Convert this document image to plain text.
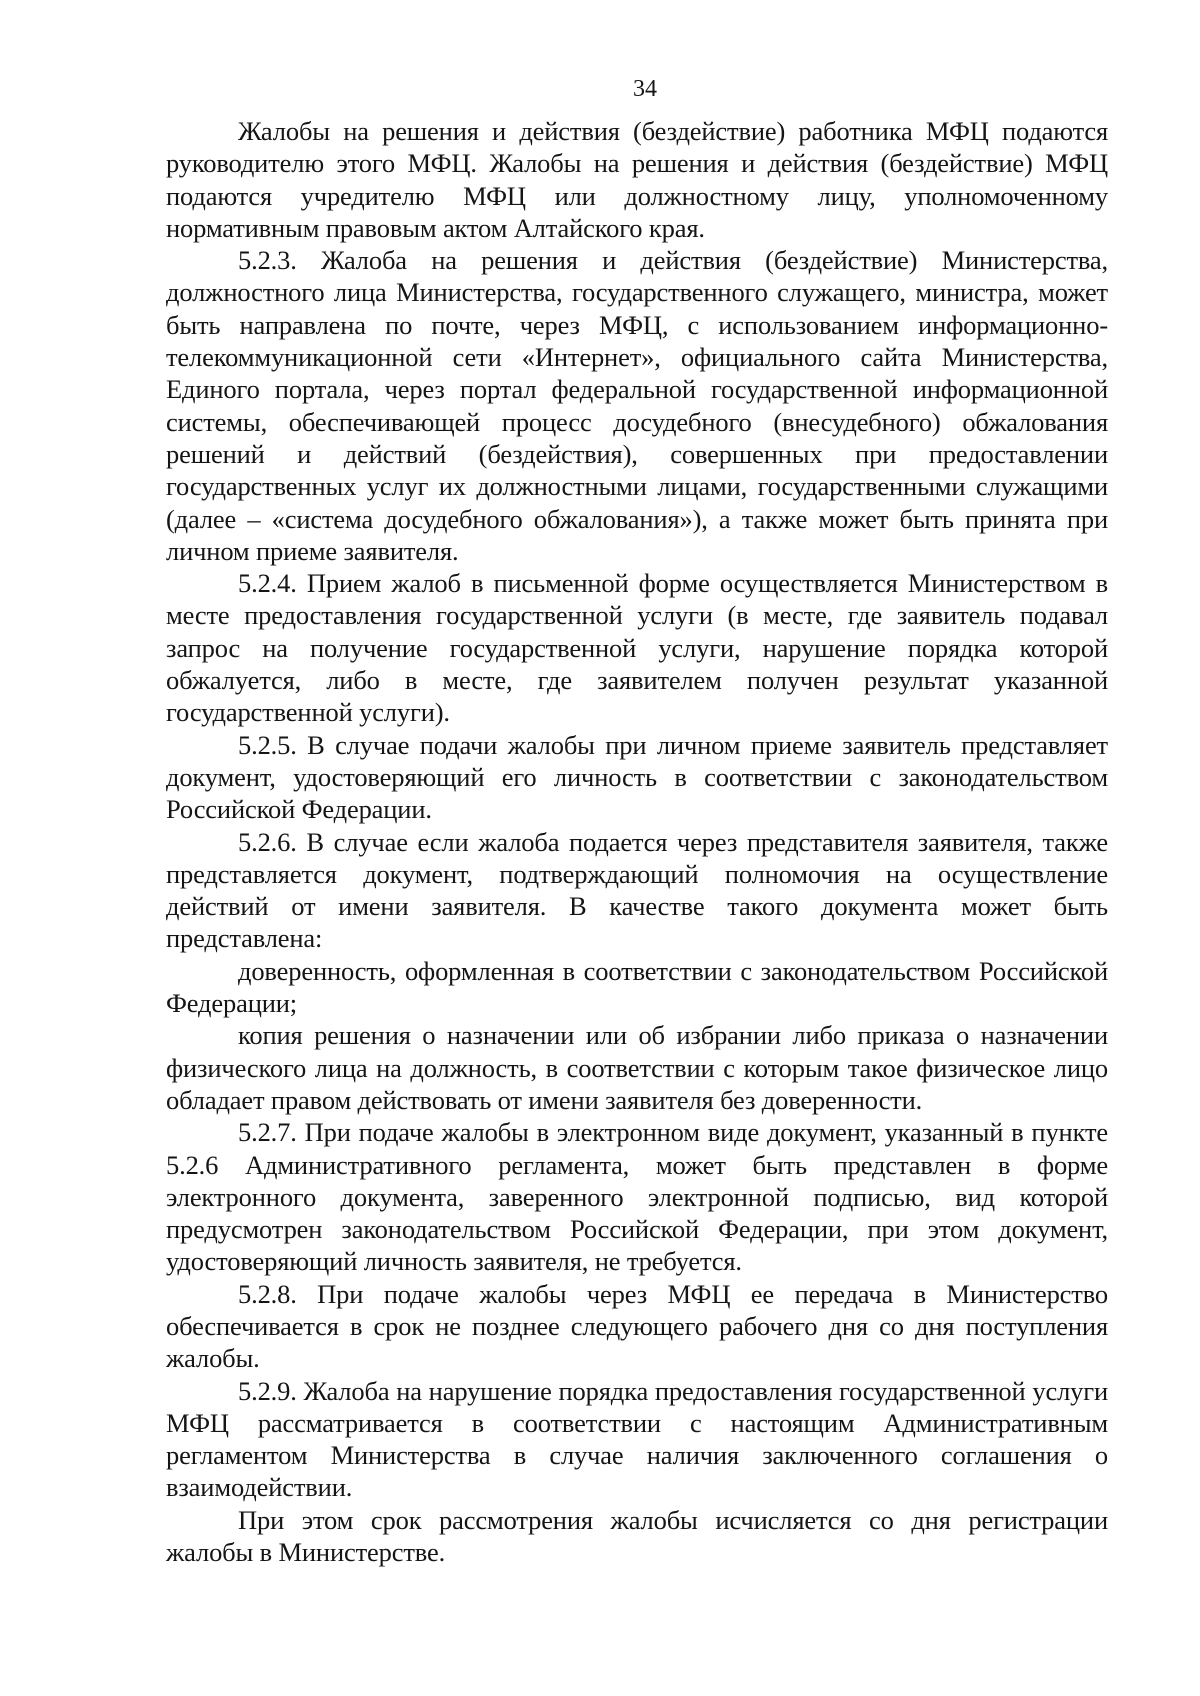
34

Жалобы на решения и действия (бездействие) работника МФЦ подаются руководителю этого МФЦ. Жалобы на решения и действия (бездействие) МФЦ подаются учредителю МФЦ или должностному лицу, уполномоченному нормативным правовым актом Алтайского края.

5.2.3. Жалоба на решения и действия (бездействие) Министерства, должностного лица Министерства, государственного служащего, министра, может быть направлена по почте, через МФЦ, с использованием информационно-телекоммуникационной сети «Интернет», официального сайта Министерства, Единого портала, через портал федеральной государственной информационной системы, обеспечивающей процесс досудебного (внесудебного) обжалования решений и действий (бездействия), совершенных при предоставлении государственных услуг их должностными лицами, государственными служащими (далее – «система досудебного обжалования»), а также может быть принята при личном приеме заявителя.

5.2.4. Прием жалоб в письменной форме осуществляется Министерством в месте предоставления государственной услуги (в месте, где заявитель подавал запрос на получение государственной услуги, нарушение порядка которой обжалуется, либо в месте, где заявителем получен результат указанной государственной услуги).

5.2.5. В случае подачи жалобы при личном приеме заявитель представляет документ, удостоверяющий его личность в соответствии с законодательством Российской Федерации.

5.2.6. В случае если жалоба подается через представителя заявителя, также представляется документ, подтверждающий полномочия на осуществление действий от имени заявителя. В качестве такого документа может быть представлена:

доверенность, оформленная в соответствии с законодательством Российской Федерации;

копия решения о назначении или об избрании либо приказа о назначении физического лица на должность, в соответствии с которым такое физическое лицо обладает правом действовать от имени заявителя без доверенности.

5.2.7. При подаче жалобы в электронном виде документ, указанный в пункте 5.2.6 Административного регламента, может быть представлен в форме электронного документа, заверенного электронной подписью, вид которой предусмотрен законодательством Российской Федерации, при этом документ, удостоверяющий личность заявителя, не требуется.

5.2.8. При подаче жалобы через МФЦ ее передача в Министерство обеспечивается в срок не позднее следующего рабочего дня со дня поступления жалобы.

5.2.9. Жалоба на нарушение порядка предоставления государственной услуги МФЦ рассматривается в соответствии с настоящим Административным регламентом Министерства в случае наличия заключенного соглашения о взаимодействии.

При этом срок рассмотрения жалобы исчисляется со дня регистрации жалобы в Министерстве.
